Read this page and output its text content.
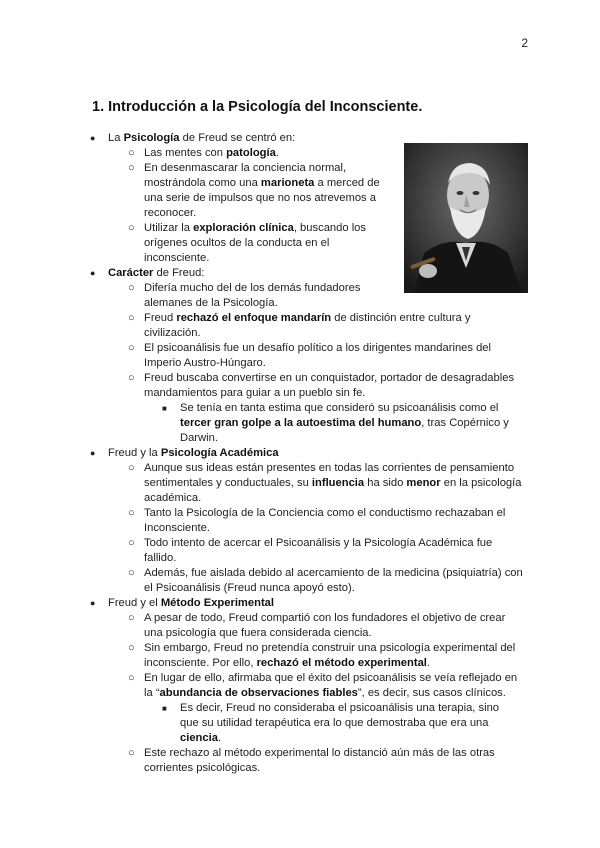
2
1. Introducción a la Psicología del Inconsciente.
● La Psicología de Freud se centró en:
○ Las mentes con patología.
○ En desenmascarar la conciencia normal, mostrándola como una marioneta a merced de una serie de impulsos que no nos atrevemos a reconocer.
○ Utilizar la exploración clínica, buscando los orígenes ocultos de la conducta en el inconsciente.
● Carácter de Freud:
○ Difería mucho del de los demás fundadores alemanes de la Psicología.
○ Freud rechazó el enfoque mandarín de distinción entre cultura y civilización.
○ El psicoanálisis fue un desafío político a los dirigentes mandarines del Imperio Austro-Húngaro.
○ Freud buscaba convertirse en un conquistador, portador de desagradables mandamientos para guiar a un pueblo sin fe.
■ Se tenía en tanta estima que consideró su psicoanálisis como el tercer gran golpe a la autoestima del humano, tras Copérnico y Darwin.
● Freud y la Psicología Académica
○ Aunque sus ideas están presentes en todas las corrientes de pensamiento sentimentales y conductuales, su influencia ha sido menor en la psicología académica.
○ Tanto la Psicología de la Conciencia como el conductismo rechazaban el Inconsciente.
○ Todo intento de acercar el Psicoanálisis y la Psicología Académica fue fallido.
○ Además, fue aislada debido al acercamiento de la medicina (psiquiatría) con el Psicoanálisis (Freud nunca apoyó esto).
● Freud y el Método Experimental
○ A pesar de todo, Freud compartió con los fundadores el objetivo de crear una psicología que fuera considerada ciencia.
○ Sin embargo, Freud no pretendía construir una psicología experimental del inconsciente. Por ello, rechazó el método experimental.
○ En lugar de ello, afirmaba que el éxito del psicoanálisis se veía reflejado en la “abundancia de observaciones fiables”, es decir, sus casos clínicos.
■ Es decir, Freud no consideraba el psicoanálisis una terapia, sino que su utilidad terapéutica era lo que demostraba que era una ciencia.
○ Este rechazo al método experimental lo distanció aún más de las otras corrientes psicológicas.
